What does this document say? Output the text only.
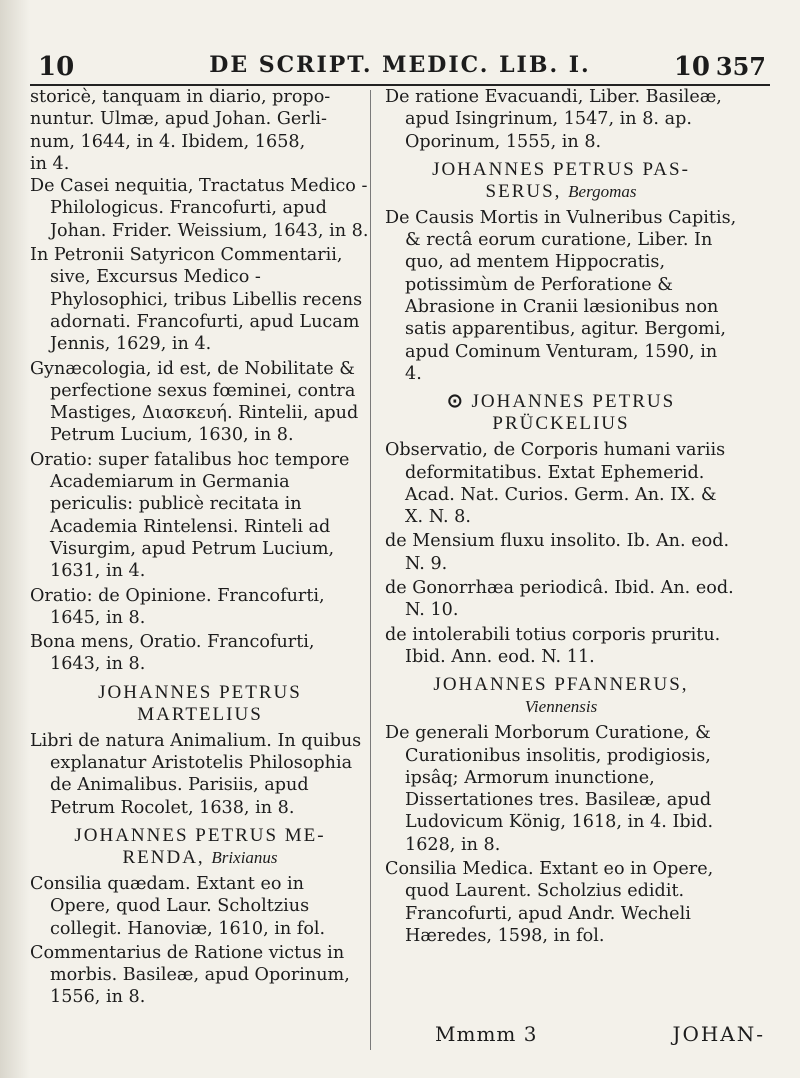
10	DE SCRIPT. MEDIC. LIB. I.	10 357
storicè, tanquam in diario, propo-
nuntur. Ulmæ, apud Johan. Gerli-
num, 1644, in 4. Ibidem, 1658,
in 4.

De Casei nequitia, Tractatus Medico - Philologicus. Francofurti, apud Johan. Frider. Weissium, 1643, in 8.

In Petronii Satyricon Commentarii, sive, Excursus Medico - Phylosophici, tribus Libellis recens adornati. Francofurti, apud Lucam Jennis, 1629, in 4.

Gynæcologia, id est, de Nobilitate & perfectione sexus fœminei, contra Mastiges, Διασκευή. Rintelii, apud Petrum Lucium, 1630, in 8.

Oratio: super fatalibus hoc tempore Academiarum in Germania periculis: publicè recitata in Academia Rintelensi. Rinteli ad Visurgim, apud Petrum Lucium, 1631, in 4.

Oratio: de Opinione. Francofurti, 1645, in 8.

Bona mens, Oratio. Francofurti, 1643, in 8.

JOHANNES PETRUS
MARTELIUS

Libri de natura Animalium. In quibus explanatur Aristotelis Philosophia de Animalibus. Parisiis, apud Petrum Rocolet, 1638, in 8.

JOHANNES PETRUS ME-
RENDA, Brixianus

Consilia quædam. Extant eo in Opere, quod Laur. Scholtzius collegit. Hanoviæ, 1610, in fol.

Commentarius de Ratione victus in morbis. Basileæ, apud Oporinum, 1556, in 8.

De ratione Evacuandi, Liber. Basileæ, apud Isingrinum, 1547, in 8. ap. Oporinum, 1555, in 8.

JOHANNES PETRUS PAS-
SERUS, Bergomas

De Causis Mortis in Vulneribus Capitis, & rectâ eorum curatione, Liber. In quo, ad mentem Hippocratis, potissimùm de Perforatione & Abrasione in Cranii læsionibus non satis apparentibus, agitur. Bergomi, apud Cominum Venturam, 1590, in 4.

⊙ JOHANNES PETRUS
PRÜCKELIUS

Observatio, de Corporis humani variis deformitatibus. Extat Ephemerid. Acad. Nat. Curios. Germ. An. IX. & X. N. 8.

de Mensium fluxu insolito. Ib. An. eod. N. 9.

de Gonorrhæa periodicâ. Ibid. An. eod. N. 10.

de intolerabili totius corporis pruritu. Ibid. Ann. eod. N. 11.

JOHANNES PFANNERUS,
Viennensis

De generali Morborum Curatione, & Curationibus insolitis, prodigiosis, ipsâq; Armorum inunctione, Dissertationes tres. Basileæ, apud Ludovicum König, 1618, in 4. Ibid. 1628, in 8.

Consilia Medica. Extant eo in Opere, quod Laurent. Scholzius edidit. Francofurti, apud Andr. Wecheli Hæredes, 1598, in fol.

Mmmm 3	JOHAN-
